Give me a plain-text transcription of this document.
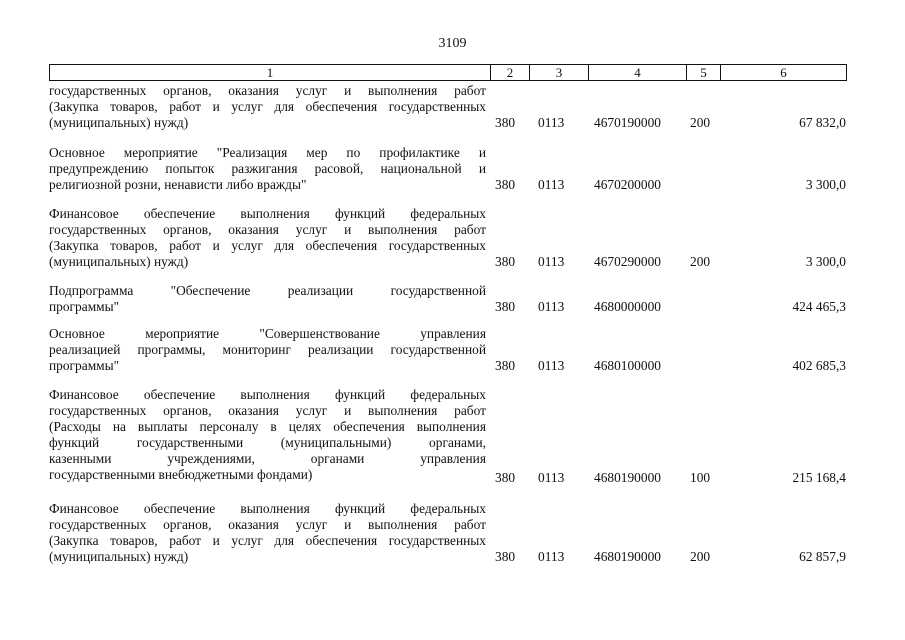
3109
1	2	3	4	5	6
государственных органов, оказания услуг и выполнения работ
(Закупка товаров, работ и услуг для обеспечения государственных
(муниципальных) нужд)	380 0113 4670190000 200	67 832,0
Основное мероприятие "Реализация мер по профилактике и
предупреждению попыток разжигания расовой, национальной и
религиозной розни, ненависти либо вражды"	380 0113 4670200000	3 300,0
Финансовое обеспечение выполнения функций федеральных
государственных органов, оказания услуг и выполнения работ
(Закупка товаров, работ и услуг для обеспечения государственных
(муниципальных) нужд)	380 0113 4670290000 200	3 300,0
Подпрограмма "Обеспечение реализации государственной
программы"	380 0113 4680000000	424 465,3
Основное мероприятие "Совершенствование управления
реализацией программы, мониторинг реализации государственной
программы"	380 0113 4680100000	402 685,3
Финансовое обеспечение выполнения функций федеральных
государственных органов, оказания услуг и выполнения работ
(Расходы на выплаты персоналу в целях обеспечения выполнения
функций государственными (муниципальными) органами,
казенными учреждениями, органами управления
государственными внебюджетными фондами)	380 0113 4680190000 100	215 168,4
Финансовое обеспечение выполнения функций федеральных
государственных органов, оказания услуг и выполнения работ
(Закупка товаров, работ и услуг для обеспечения государственных
(муниципальных) нужд)	380 0113 4680190000 200	62 857,9
